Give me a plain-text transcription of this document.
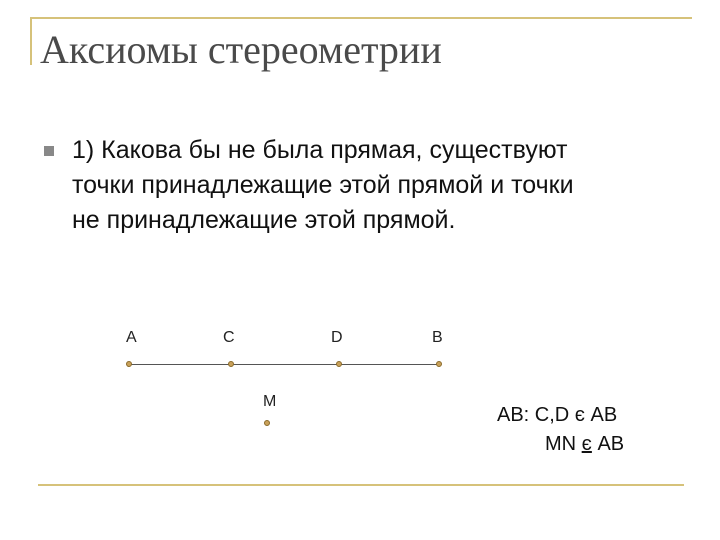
Аксиомы стереометрии
1) Какова бы не была прямая, существуют
точки принадлежащие этой прямой и точки
не принадлежащие этой прямой.
A	C	D	B
M
AB: C,D є AB
MN є AB
